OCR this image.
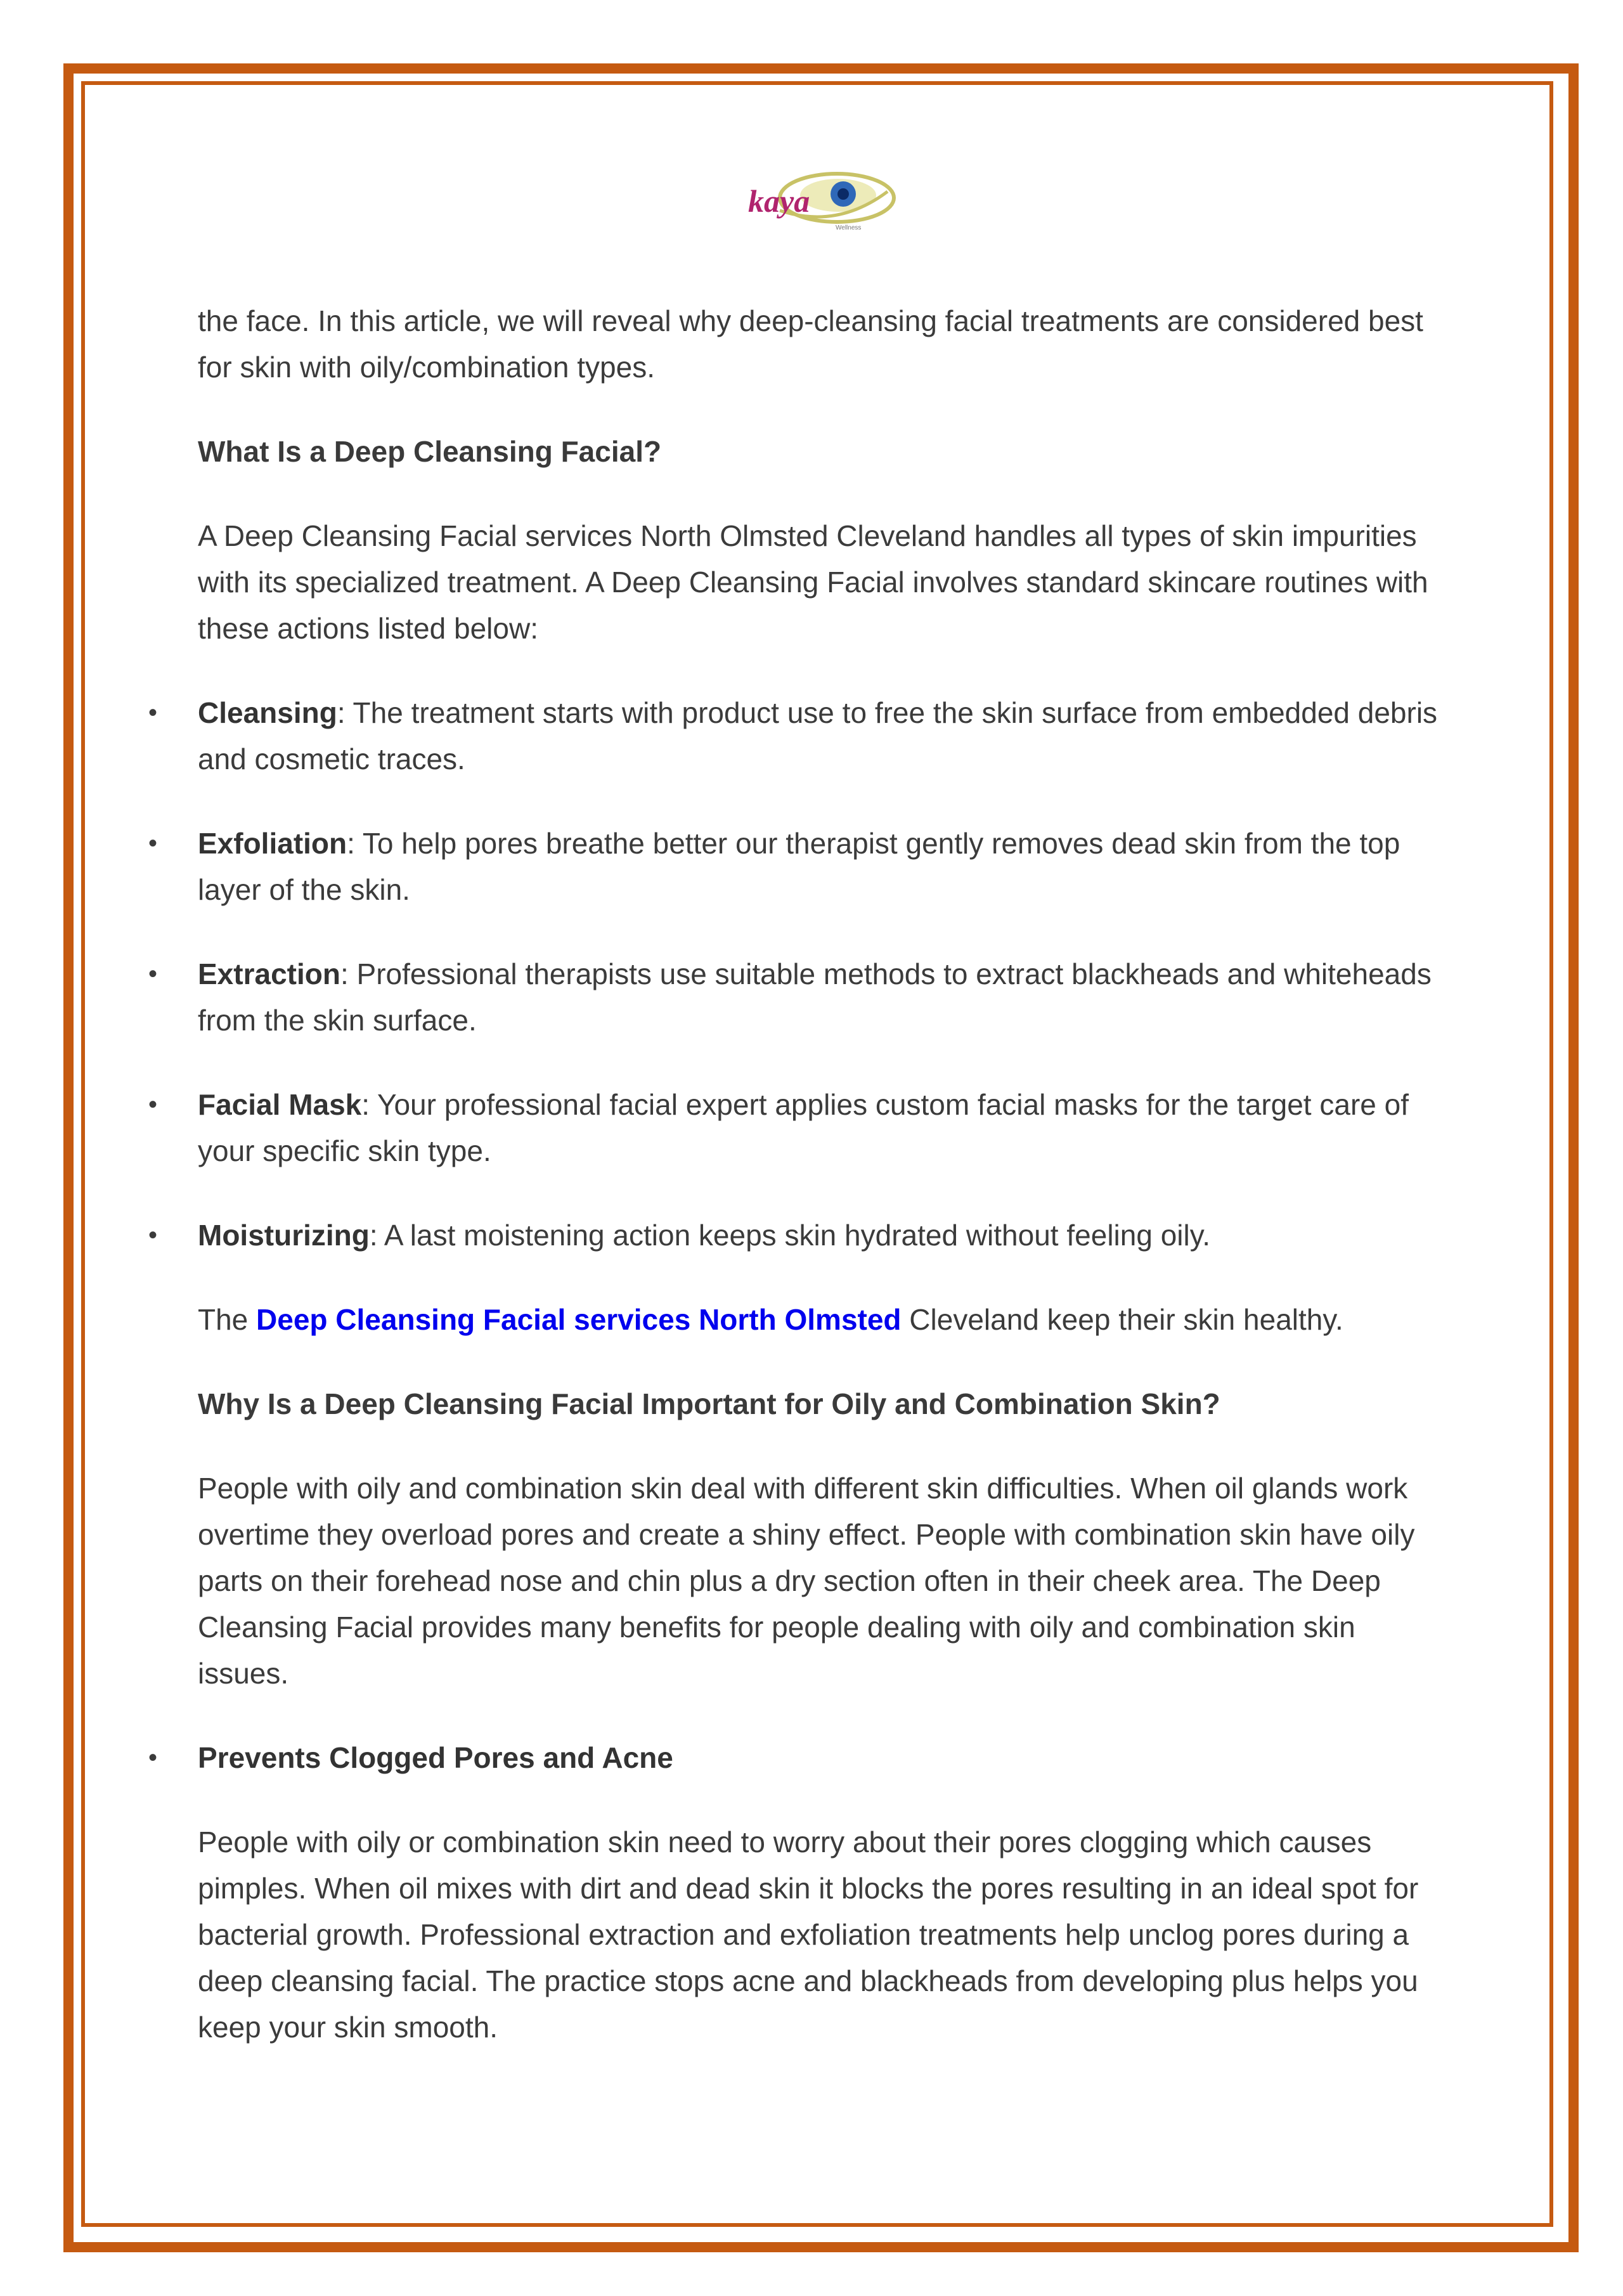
kaya
Wellness

the face. In this article, we will reveal why deep-cleansing facial treatments are considered best for skin with oily/combination types.

What Is a Deep Cleansing Facial?

A Deep Cleansing Facial services North Olmsted Cleveland handles all types of skin impurities with its specialized treatment. A Deep Cleansing Facial involves standard skincare routines with these actions listed below:

• Cleansing: The treatment starts with product use to free the skin surface from embedded debris and cosmetic traces.
• Exfoliation: To help pores breathe better our therapist gently removes dead skin from the top layer of the skin.
• Extraction: Professional therapists use suitable methods to extract blackheads and whiteheads from the skin surface.
• Facial Mask: Your professional facial expert applies custom facial masks for the target care of your specific skin type.
• Moisturizing: A last moistening action keeps skin hydrated without feeling oily.

The Deep Cleansing Facial services North Olmsted Cleveland keep their skin healthy.

Why Is a Deep Cleansing Facial Important for Oily and Combination Skin?

People with oily and combination skin deal with different skin difficulties. When oil glands work overtime they overload pores and create a shiny effect. People with combination skin have oily parts on their forehead nose and chin plus a dry section often in their cheek area. The Deep Cleansing Facial provides many benefits for people dealing with oily and combination skin issues.

• Prevents Clogged Pores and Acne

People with oily or combination skin need to worry about their pores clogging which causes pimples. When oil mixes with dirt and dead skin it blocks the pores resulting in an ideal spot for bacterial growth. Professional extraction and exfoliation treatments help unclog pores during a deep cleansing facial. The practice stops acne and blackheads from developing plus helps you keep your skin smooth.
